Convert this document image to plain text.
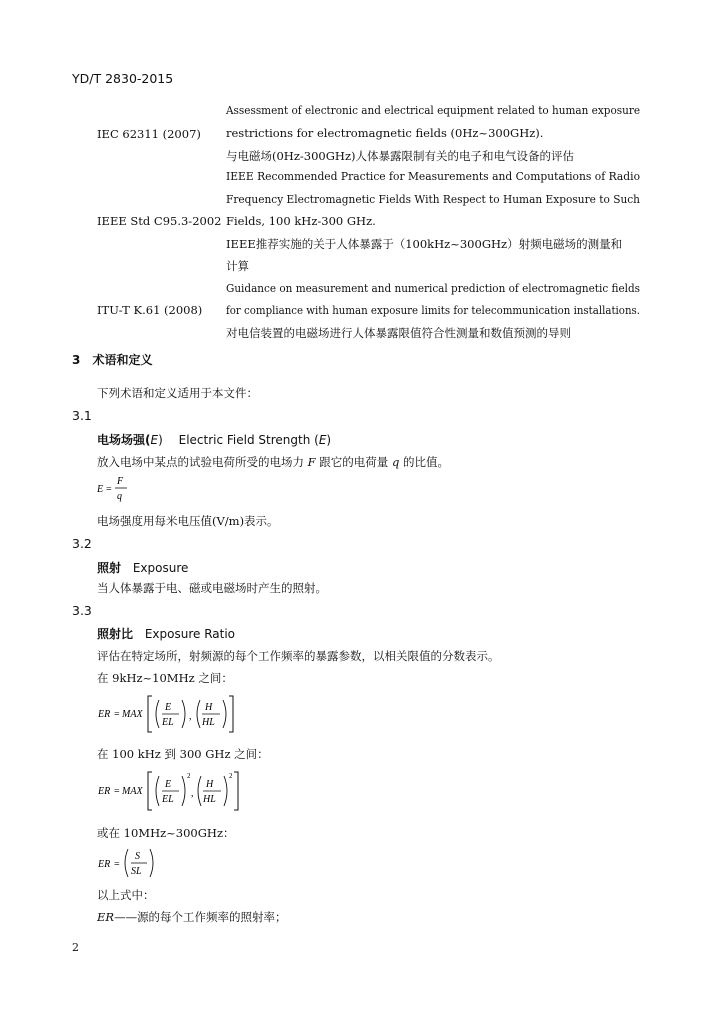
YD/T 2830-2015
IEC 62311 (2007)
Assessment of electronic and electrical equipment related to human exposure
restrictions for electromagnetic fields (0Hz~300GHz).
与电磁场(0Hz-300GHz)人体暴露限制有关的电子和电气设备的评估
IEEE Std C95.3-2002
IEEE Recommended Practice for Measurements and Computations of Radio
Frequency Electromagnetic Fields With Respect to Human Exposure to Such
Fields, 100 kHz-300 GHz.
IEEE推荐实施的关于人体暴露于（100kHz~300GHz）射频电磁场的测量和
计算
ITU-T K.61 (2008)
Guidance on measurement and numerical prediction of electromagnetic fields
for compliance with human exposure limits for telecommunication installations.
对电信装置的电磁场进行人体暴露限值符合性测量和数值预测的导则
3 术语和定义
下列术语和定义适用于本文件：
3.1
电场场强(E) Electric Field Strength (E)
放入电场中某点的试验电荷所受的电场力 F 跟它的电荷量 q 的比值。
E =
F
q
电场强度用每米电压值(V/m)表示。
3.2
照射 Exposure
当人体暴露于电、磁或电磁场时产生的照射。
3.3
照射比 Exposure Ratio
评估在特定场所，射频源的每个工作频率的暴露参数，以相关限值的分数表示。
在 9kHz~10MHz 之间：
ER = MAX
E
EL
,
H
HL
在 100 kHz 到 300 GHz 之间：
ER = MAX
E
EL
2
,
H
HL
2
或在 10MHz~300GHz：
ER =
S
SL
以上式中：
ER——源的每个工作频率的照射率；
2
